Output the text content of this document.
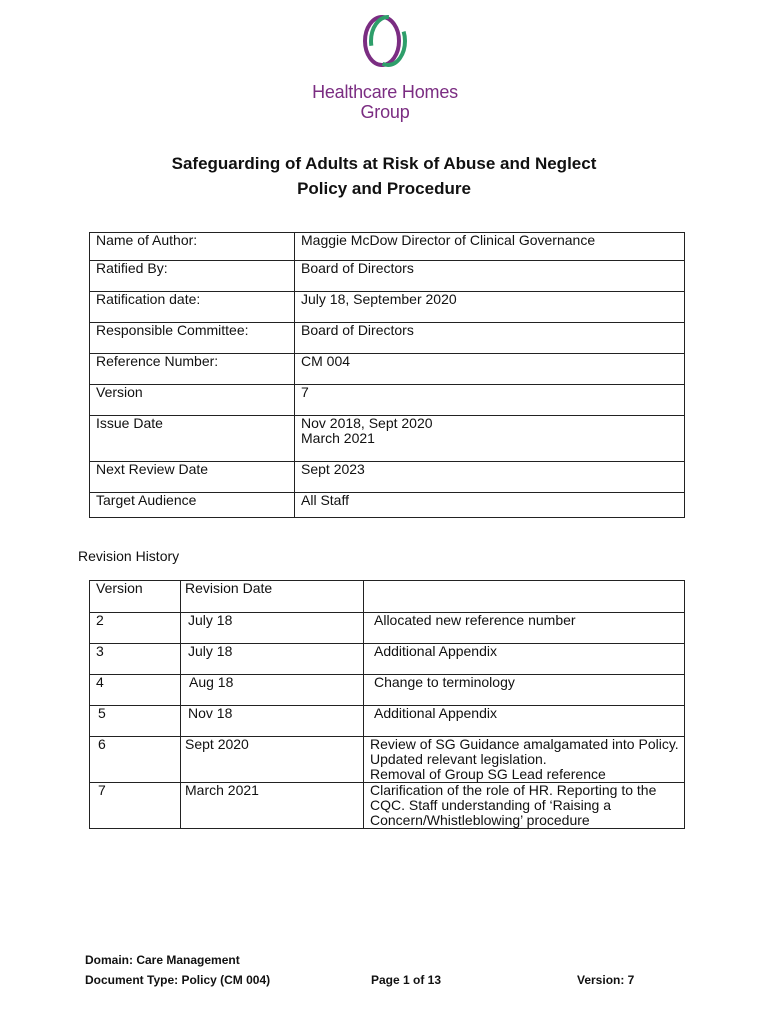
Healthcare Homes
Group
Safeguarding of Adults at Risk of Abuse and Neglect
Policy and Procedure
Name of Author:	Maggie McDow Director of Clinical Governance
Ratified By:	Board of Directors
Ratification date:	July 18, September 2020
Responsible Committee:	Board of Directors
Reference Number:	CM 004
Version	7
Issue Date	Nov 2018, Sept 2020
March 2021

Next Review Date	Sept 2023
Target Audience	All Staff
Revision History
Version	Revision Date	
2	July 18	Allocated new reference number
3	July 18	Additional Appendix
4	Aug 18	Change to terminology
5	Nov 18	Additional Appendix
6	Sept 2020	Review of SG Guidance amalgamated into Policy.
Updated relevant legislation.
Removal of Group SG Lead reference

7	March 2021	Clarification of the role of HR. Reporting to the
CQC. Staff understanding of ‘Raising a
Concern/Whistleblowing’ procedure
Domain: Care Management
Document Type: Policy (CM 004)	Page 1 of 13	Version: 7
